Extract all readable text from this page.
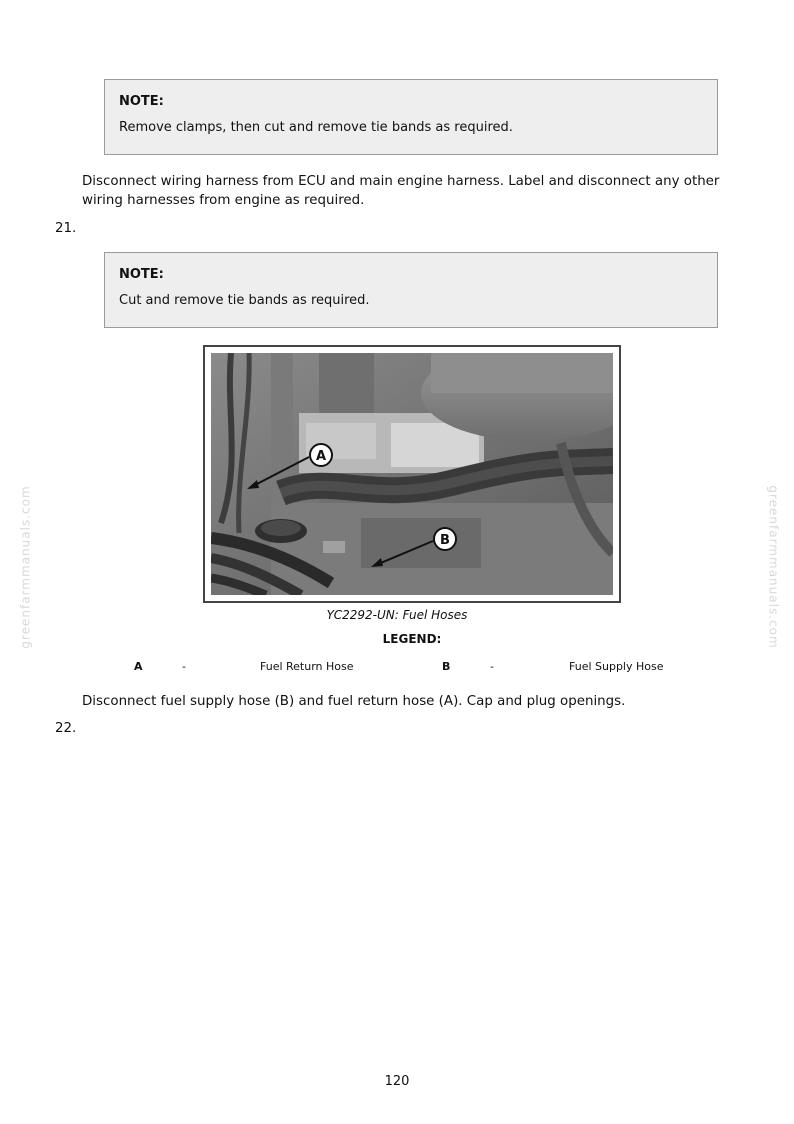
NOTE:

Remove clamps, then cut and remove tie bands as required.

Disconnect wiring harness from ECU and main engine harness. Label and disconnect any other wiring harnesses from engine as required.

21.

NOTE:

Cut and remove tie bands as required.

A
B
YC2292-UN: Fuel Hoses
LEGEND:
A	-	Fuel Return Hose	B	-	Fuel Supply Hose

Disconnect fuel supply hose (B) and fuel return hose (A). Cap and plug openings.

22.

greenfarmmanuals.com	greenfarmmanuals.com
120
